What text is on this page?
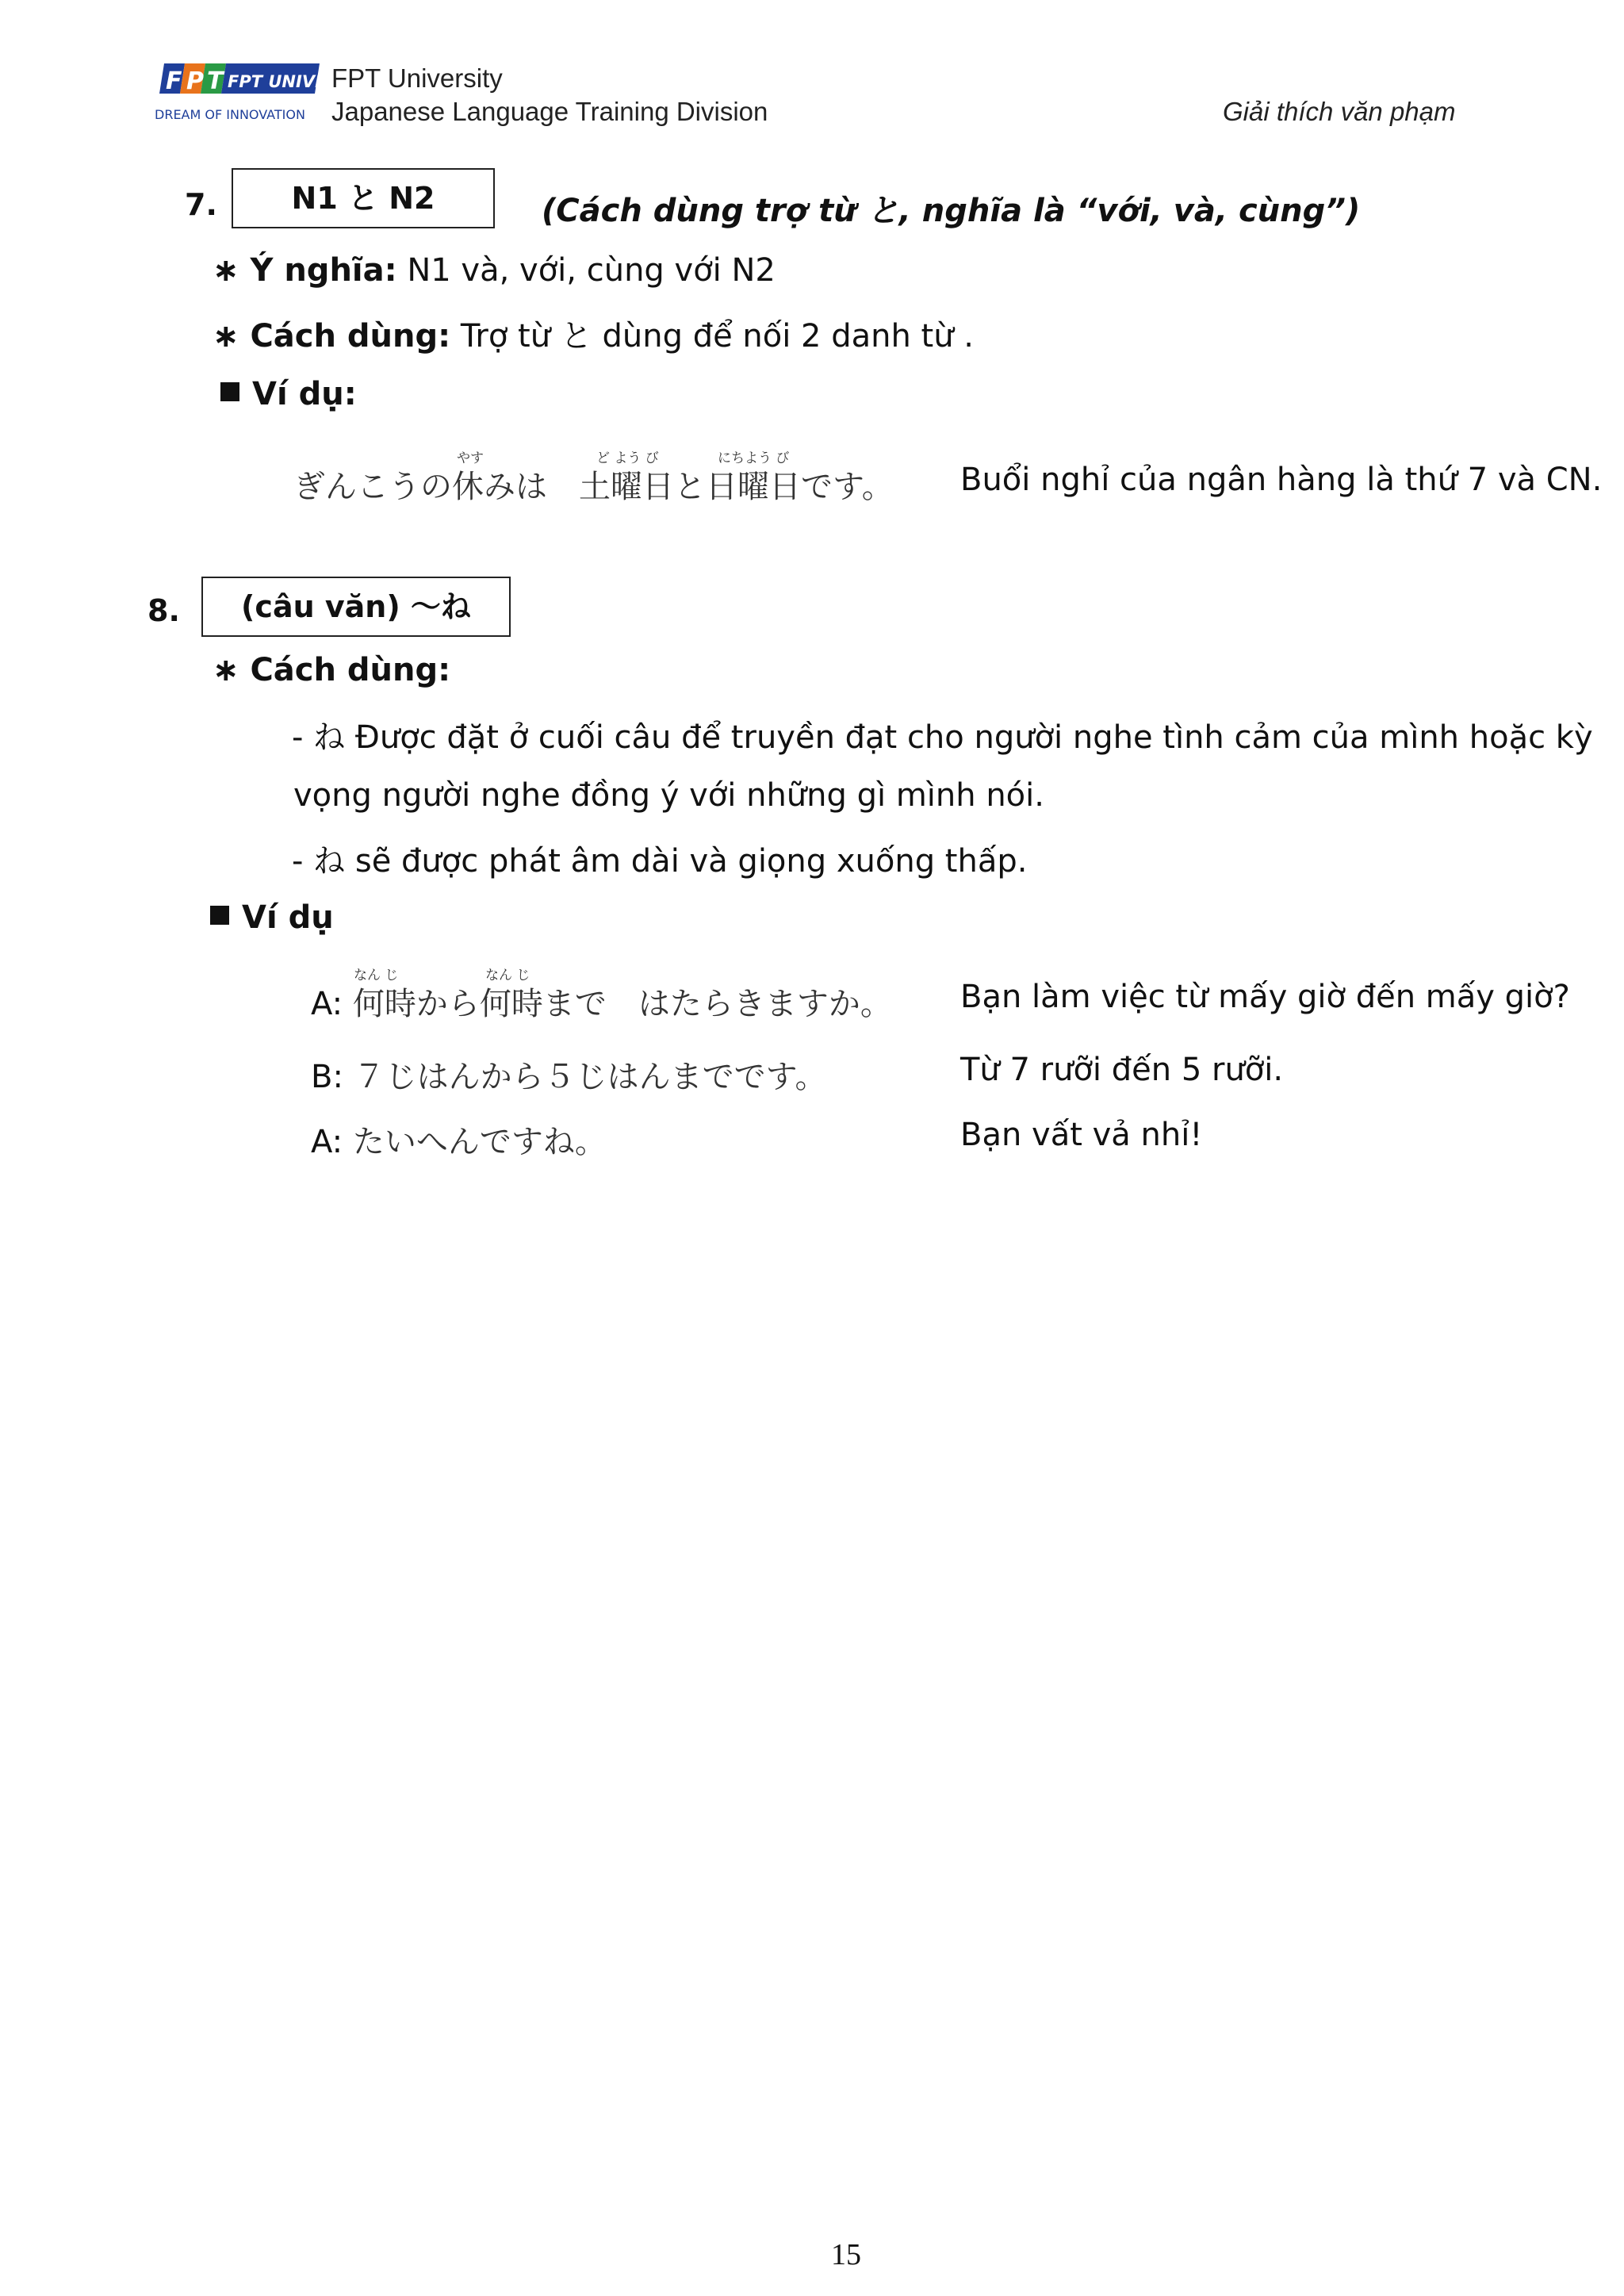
F P T FPT UNIVE
DREAM OF INNOVATION
FPT University
Japanese Language Training Division	Giải thích văn phạm
7.	N1 と N2	(Cách dùng trợ từ と, nghĩa là “với, và, cùng”)
∗ Ý nghĩa: N1 và, với, cùng với N2
∗ Cách dùng: Trợ từ と dùng để nối 2 danh từ .
Ví dụ:
やす	ど よう び	にちよう び
ぎんこうの休みは　土曜日と日曜日です。 Buổi nghỉ của ngân hàng là thứ 7 và CN.
8.	(câu văn) ～ね
∗ Cách dùng:
- ね Được đặt ở cuối câu để truyền đạt cho người nghe tình cảm của mình hoặc kỳ
vọng người nghe đồng ý với những gì mình nói.
- ね sẽ được phát âm dài và giọng xuống thấp.
Ví dụ
なん じ	なん じ
A: 何時から何時まで　はたらきますか。 Bạn làm việc từ mấy giờ đến mấy giờ?
B: ７じはんから５じはんまでです。	Từ 7 rưỡi đến 5 rưỡi.
A: たいへんですね。	Bạn vất vả nhỉ!
15
